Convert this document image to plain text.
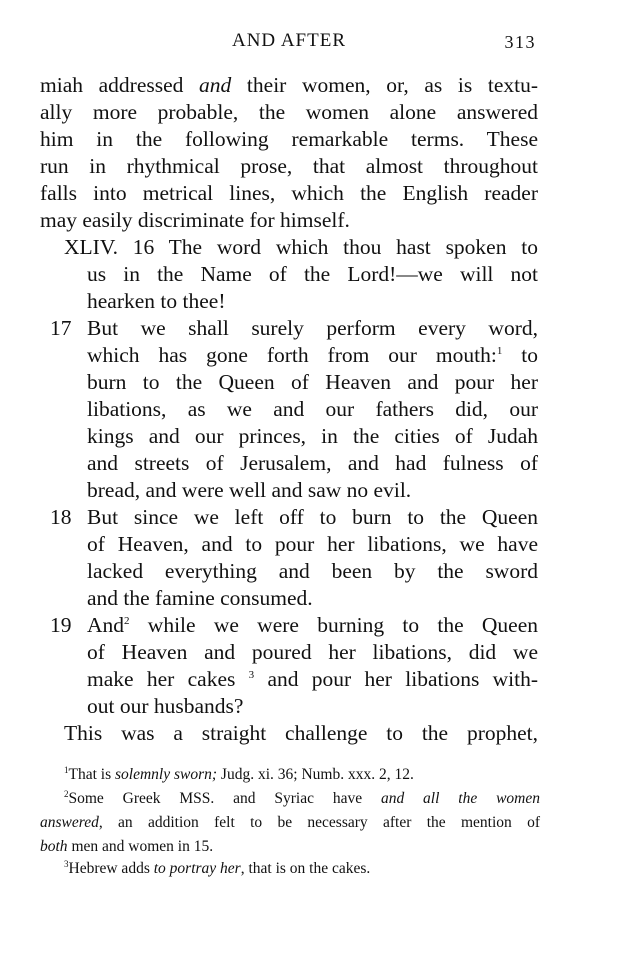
AND AFTER	313
miah addressed and their women, or, as is textu-
ally more probable, the women alone answered
him in the following remarkable terms. These
run in rhythmical prose, that almost throughout
falls into metrical lines, which the English reader
may easily discriminate for himself.
XLIV. 16 The word which thou hast spoken to
us in the Name of the Lord!—we will not
hearken to thee!
17 But we shall surely perform every word,
which has gone forth from our mouth:$^1$ to
burn to the Queen of Heaven and pour her
libations, as we and our fathers did, our
kings and our princes, in the cities of Judah
and streets of Jerusalem, and had fulness of
bread, and were well and saw no evil.
18 But since we left off to burn to the Queen
of Heaven, and to pour her libations, we have
lacked everything and been by the sword
and the famine consumed.
19 And$^2$ while we were burning to the Queen
of Heaven and poured her libations, did we
make her cakes $^3$ and pour her libations with-
out our husbands?
This was a straight challenge to the prophet,
$^1$That is solemnly sworn; Judg. xi. 36; Numb. xxx. 2, 12.
$^2$Some Greek MSS. and Syriac have and all the women
answered, an addition felt to be necessary after the mention of
both men and women in 15.
$^3$Hebrew adds to portray her, that is on the cakes.
